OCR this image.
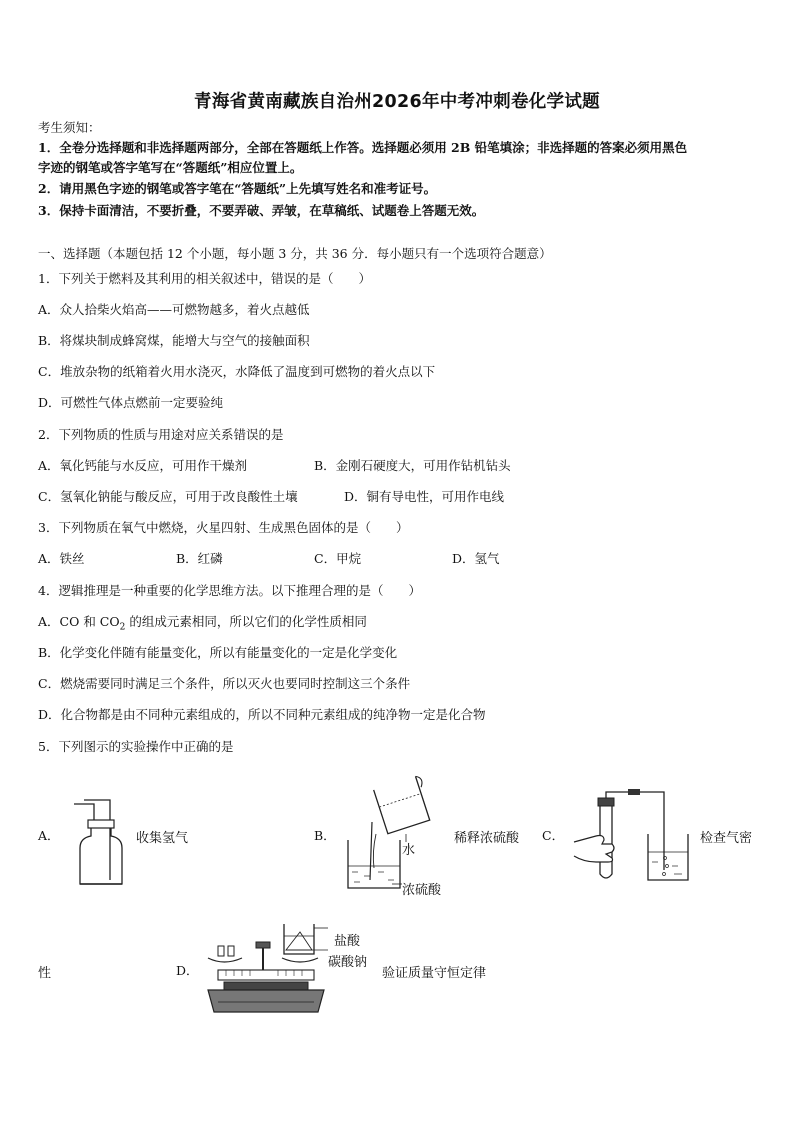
青海省黄南藏族自治州2026年中考冲刺卷化学试题
考生须知：
1．全卷分选择题和非选择题两部分，全部在答题纸上作答。选择题必须用 2B 铅笔填涂；非选择题的答案必须用黑色
字迹的钢笔或答字笔写在“答题纸”相应位置上。
2．请用黑色字迹的钢笔或答字笔在“答题纸”上先填写姓名和准考证号。
3．保持卡面清洁，不要折叠，不要弄破、弄皱，在草稿纸、试题卷上答题无效。
一、选择题（本题包括 12 个小题，每小题 3 分，共 36 分．每小题只有一个选项符合题意）
1．下列关于燃料及其利用的相关叙述中，错误的是（　　）
A．众人拾柴火焰高——可燃物越多，着火点越低
B．将煤块制成蜂窝煤，能增大与空气的接触面积
C．堆放杂物的纸箱着火用水浇灭，水降低了温度到可燃物的着火点以下
D．可燃性气体点燃前一定要验纯
2．下列物质的性质与用途对应关系错误的是
A．氧化钙能与水反应，可用作干燥剂	B．金刚石硬度大，可用作钻机钻头
C．氢氧化钠能与酸反应，可用于改良酸性土壤	D．铜有导电性，可用作电线
3．下列物质在氧气中燃烧，火星四射、生成黑色固体的是（　　）
A．铁丝	B．红磷	C．甲烷	D．氢气
4．逻辑推理是一种重要的化学思维方法。以下推理合理的是（　　）
A．CO 和 $CO_2$ 的组成元素相同，所以它们的化学性质相同
B．化学变化伴随有能量变化，所以有能量变化的一定是化学变化
C．燃烧需要同时满足三个条件，所以灭火也要同时控制这三个条件
D．化合物都是由不同种元素组成的，所以不同种元素组成的纯净物一定是化合物
5．下列图示的实验操作中正确的是
A．	收集氢气	B．
水
浓硫酸
稀释浓硫酸 C．	检查气密
性	D．
盐酸
碳酸钠
验证质量守恒定律
